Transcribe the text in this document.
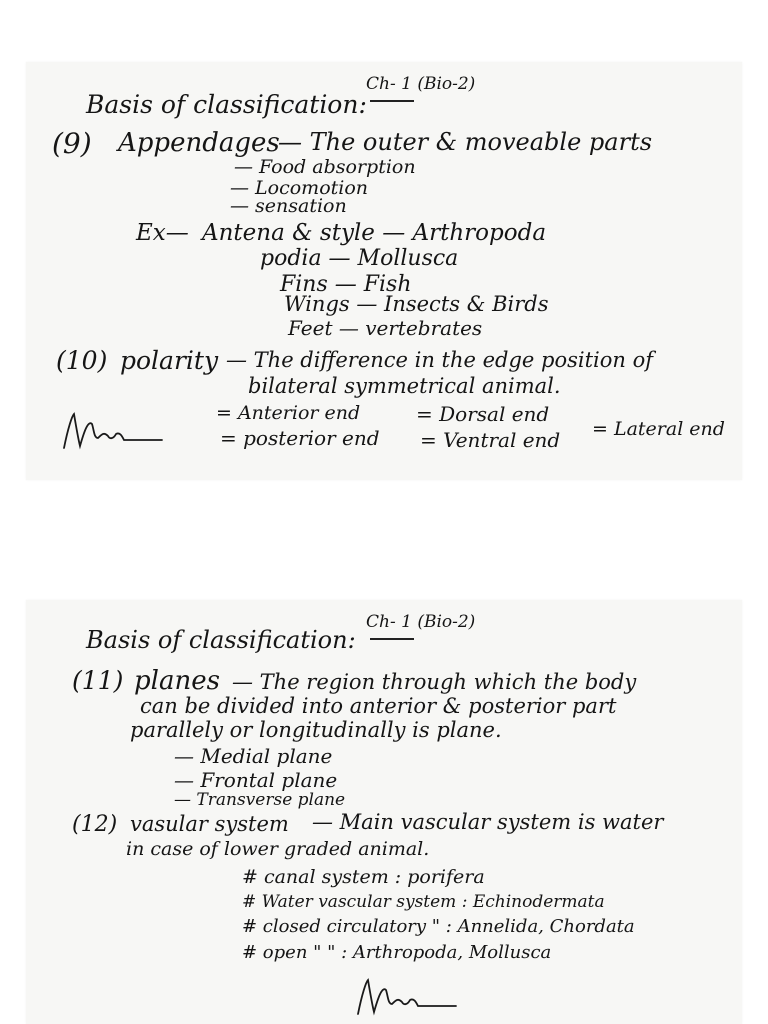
Ch- 1 (Bio-2)
Basis of classification:
(9) Appendages
— The outer & moveable parts
— Food absorption
— Locomotion
— sensation
Ex— Antena & style — Arthropoda
podia — Mollusca
Fins — Fish
Wings — Insects & Birds
Feet — vertebrates
(10) polarity — The difference in the edge position of
bilateral symmetrical animal.
= Anterior end
= posterior end
= Dorsal end
= Ventral end = Lateral end
Ch- 1 (Bio-2)
Basis of classification:
(11) planes — The region through which the body
can be divided into anterior & posterior part
parallely or longitudinally is plane.
— Medial plane
— Frontal plane
— Transverse plane
(12) vasular system — Main vascular system is water
in case of lower graded animal.
# canal system : porifera
# Water vascular system : Echinodermata
# closed circulatory " : Annelida, Chordata
# open " " : Arthropoda, Mollusca
